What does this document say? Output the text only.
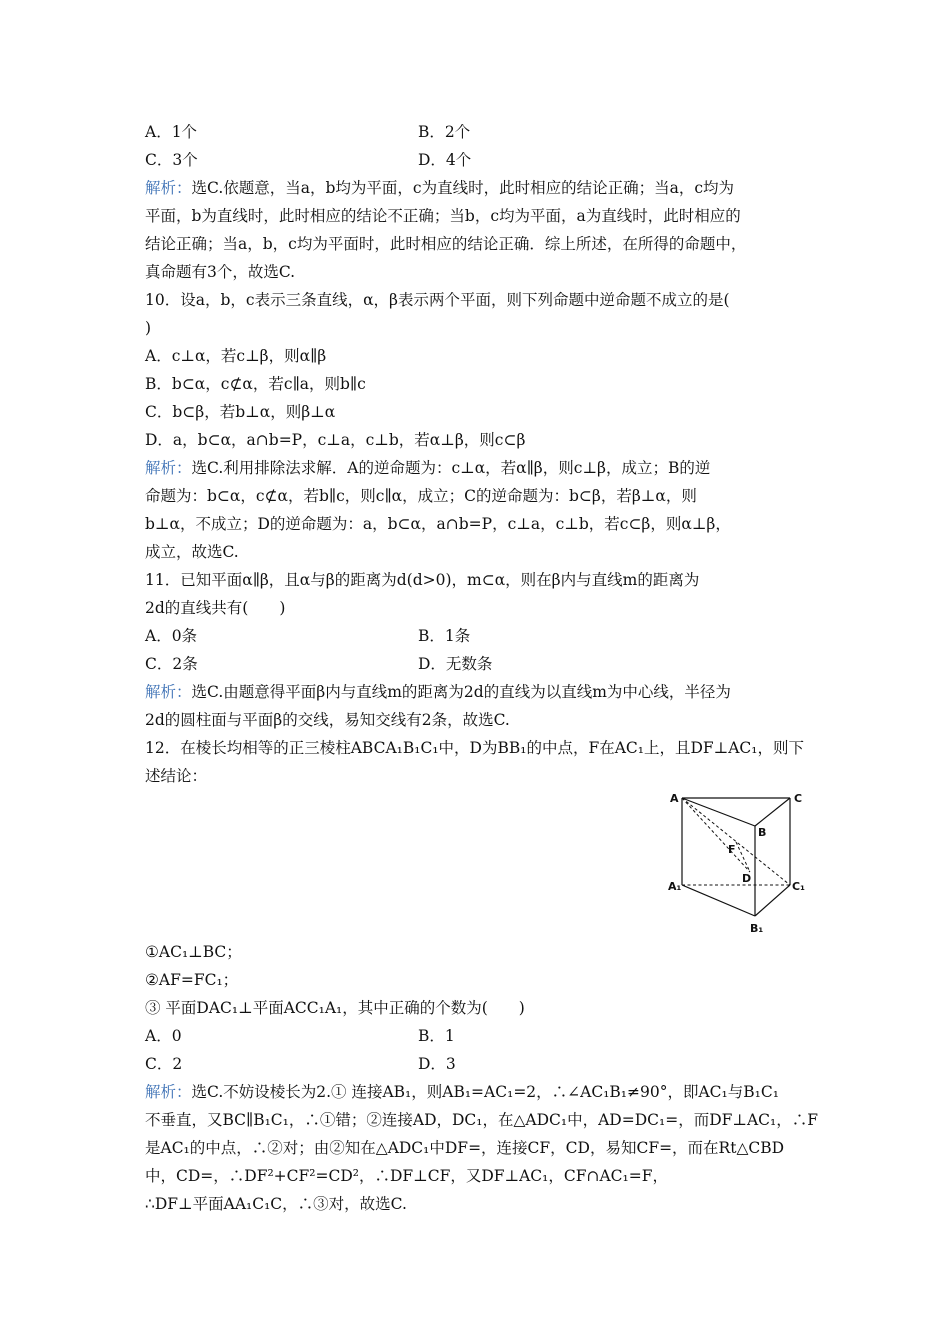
A．1个	B．2个
C．3个	D．4个
解析：选C.依题意，当a，b均为平面，c为直线时，此时相应的结论正确；当a，c均为
平面，b为直线时，此时相应的结论不正确；当b，c均为平面，a为直线时，此时相应的
结论正确；当a，b，c均为平面时，此时相应的结论正确．综上所述，在所得的命题中，
真命题有3个，故选C.
10．设a，b，c表示三条直线，α，β表示两个平面，则下列命题中逆命题不成立的是(
)
A．c⊥α，若c⊥β，则α∥β
B．b⊂α，c⊄α，若c∥a，则b∥c
C．b⊂β，若b⊥α，则β⊥α
D．a，b⊂α，a∩b=P，c⊥a，c⊥b，若α⊥β，则c⊂β
解析：选C.利用排除法求解．A的逆命题为：c⊥α，若α∥β，则c⊥β，成立；B的逆
命题为：b⊂α，c⊄α，若b∥c，则c∥α，成立；C的逆命题为：b⊂β，若β⊥α，则
b⊥α，不成立；D的逆命题为：a，b⊂α，a∩b=P，c⊥a，c⊥b，若c⊂β，则α⊥β，
成立，故选C.
11．已知平面α∥β，且α与β的距离为d(d>0)，m⊂α，则在β内与直线m的距离为
2d的直线共有(　　)
A．0条	B．1条
C．2条	D．无数条
解析：选C.由题意得平面β内与直线m的距离为2d的直线为以直线m为中心线，半径为
2d的圆柱面与平面β的交线，易知交线有2条，故选C.
12．在棱长均相等的正三棱柱ABCA₁B₁C₁中，D为BB₁的中点，F在AC₁上，且DF⊥AC₁，则下
述结论：
A	C
B
F
D
A₁	C₁
B₁
①AC₁⊥BC；
②AF=FC₁；
③ 平面DAC₁⊥平面ACC₁A₁，其中正确的个数为(　　)
A．0	B．1
C．2	D．3
解析：选C.不妨设棱长为2.① 连接AB₁，则AB₁=AC₁=2，∴∠AC₁B₁≠90°，即AC₁与B₁C₁
不垂直，又BC∥B₁C₁，∴①错；②连接AD，DC₁，在△ADC₁中，AD=DC₁=，而DF⊥AC₁，∴F
是AC₁的中点，∴②对；由②知在△ADC₁中DF=，连接CF，CD，易知CF=，而在Rt△CBD
中，CD=，∴DF²+CF²=CD²，∴DF⊥CF，又DF⊥AC₁，CF∩AC₁=F，
∴DF⊥平面AA₁C₁C，∴③对，故选C.
